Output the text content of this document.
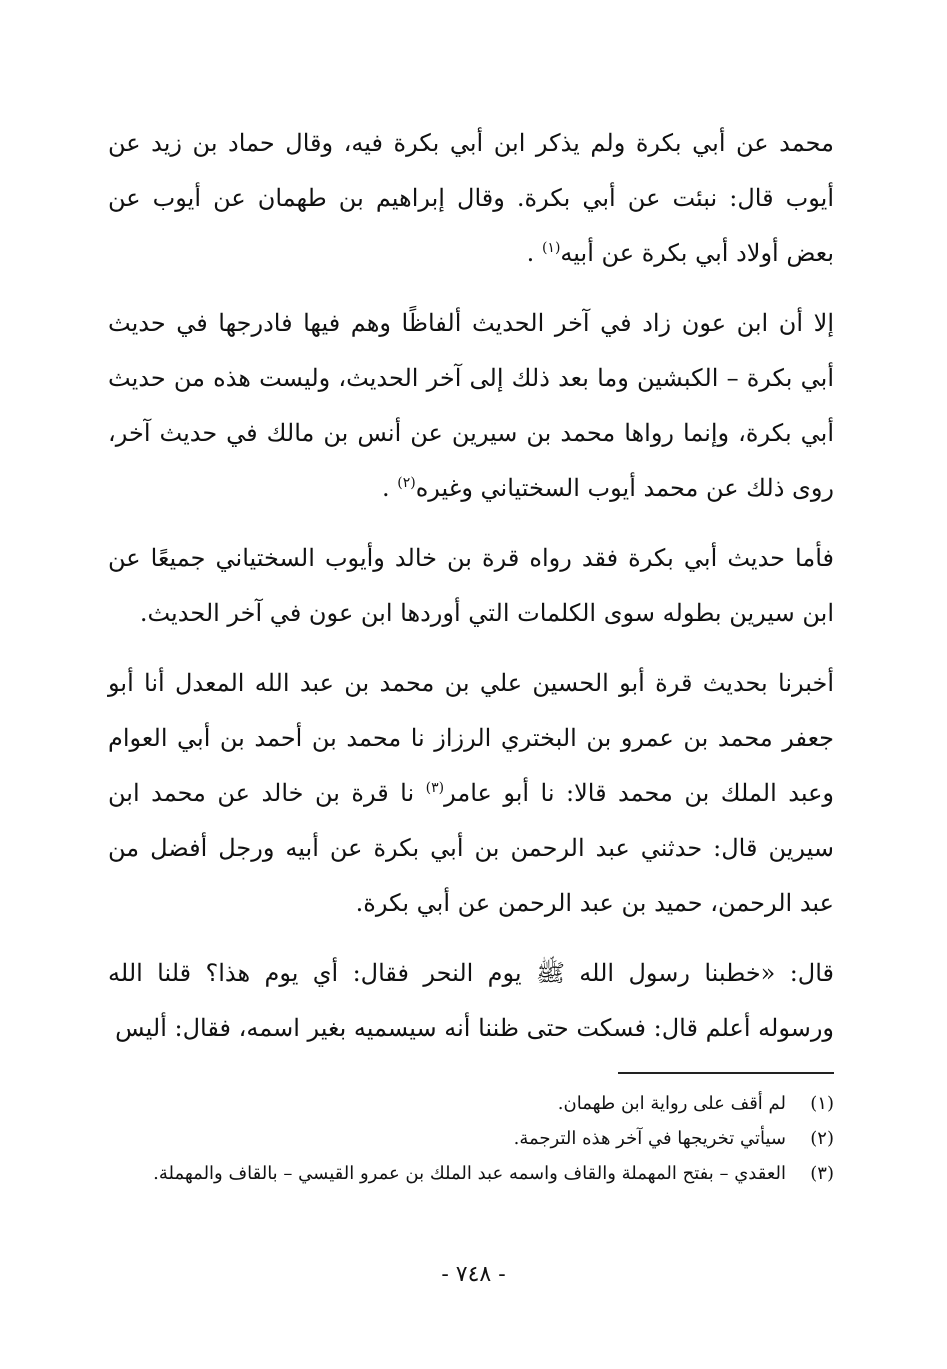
محمد عن أبي بكرة ولم يذكر ابن أبي بكرة فيه، وقال حماد بن زيد عن أيوب قال: نبئت عن أبي بكرة. وقال إبراهيم بن طهمان عن أيوب عن بعض أولاد أبي بكرة عن أبيه$^{(١)}$ .

إلا أن ابن عون زاد في آخر الحديث ألفاظًا وهم فيها فادرجها في حديث أبي بكرة – الكبشين وما بعد ذلك إلى آخر الحديث، وليست هذه من حديث أبي بكرة، وإنما رواها محمد بن سيرين عن أنس بن مالك في حديث آخر، روى ذلك عن محمد أيوب السختياني وغيره$^{(٢)}$ .

فأما حديث أبي بكرة فقد رواه قرة بن خالد وأيوب السختياني جميعًا عن ابن سيرين بطوله سوى الكلمات التي أوردها ابن عون في آخر الحديث.

أخبرنا بحديث قرة أبو الحسين علي بن محمد بن عبد الله المعدل أنا أبو جعفر محمد بن عمرو بن البختري الرزاز نا محمد بن أحمد بن أبي العوام وعبد الملك بن محمد قالا: نا أبو عامر$^{(٣)}$ نا قرة بن خالد عن محمد ابن سيرين قال: حدثني عبد الرحمن بن أبي بكرة عن أبيه ورجل أفضل من عبد الرحمن، حميد بن عبد الرحمن عن أبي بكرة.

قال: «خطبنا رسول الله ﷺ يوم النحر فقال: أي يوم هذا؟ قلنا الله ورسوله أعلم قال: فسكت حتى ظننا أنه سيسميه بغير اسمه، فقال: أليس

(١)
لم أقف على رواية ابن طهمان.
(٢)
سيأتي تخريجها في آخر هذه الترجمة.
(٣)
العقدي – بفتح المهملة والقاف واسمه عبد الملك بن عمرو القيسي – بالقاف والمهملة.
- ٧٤٨ -
